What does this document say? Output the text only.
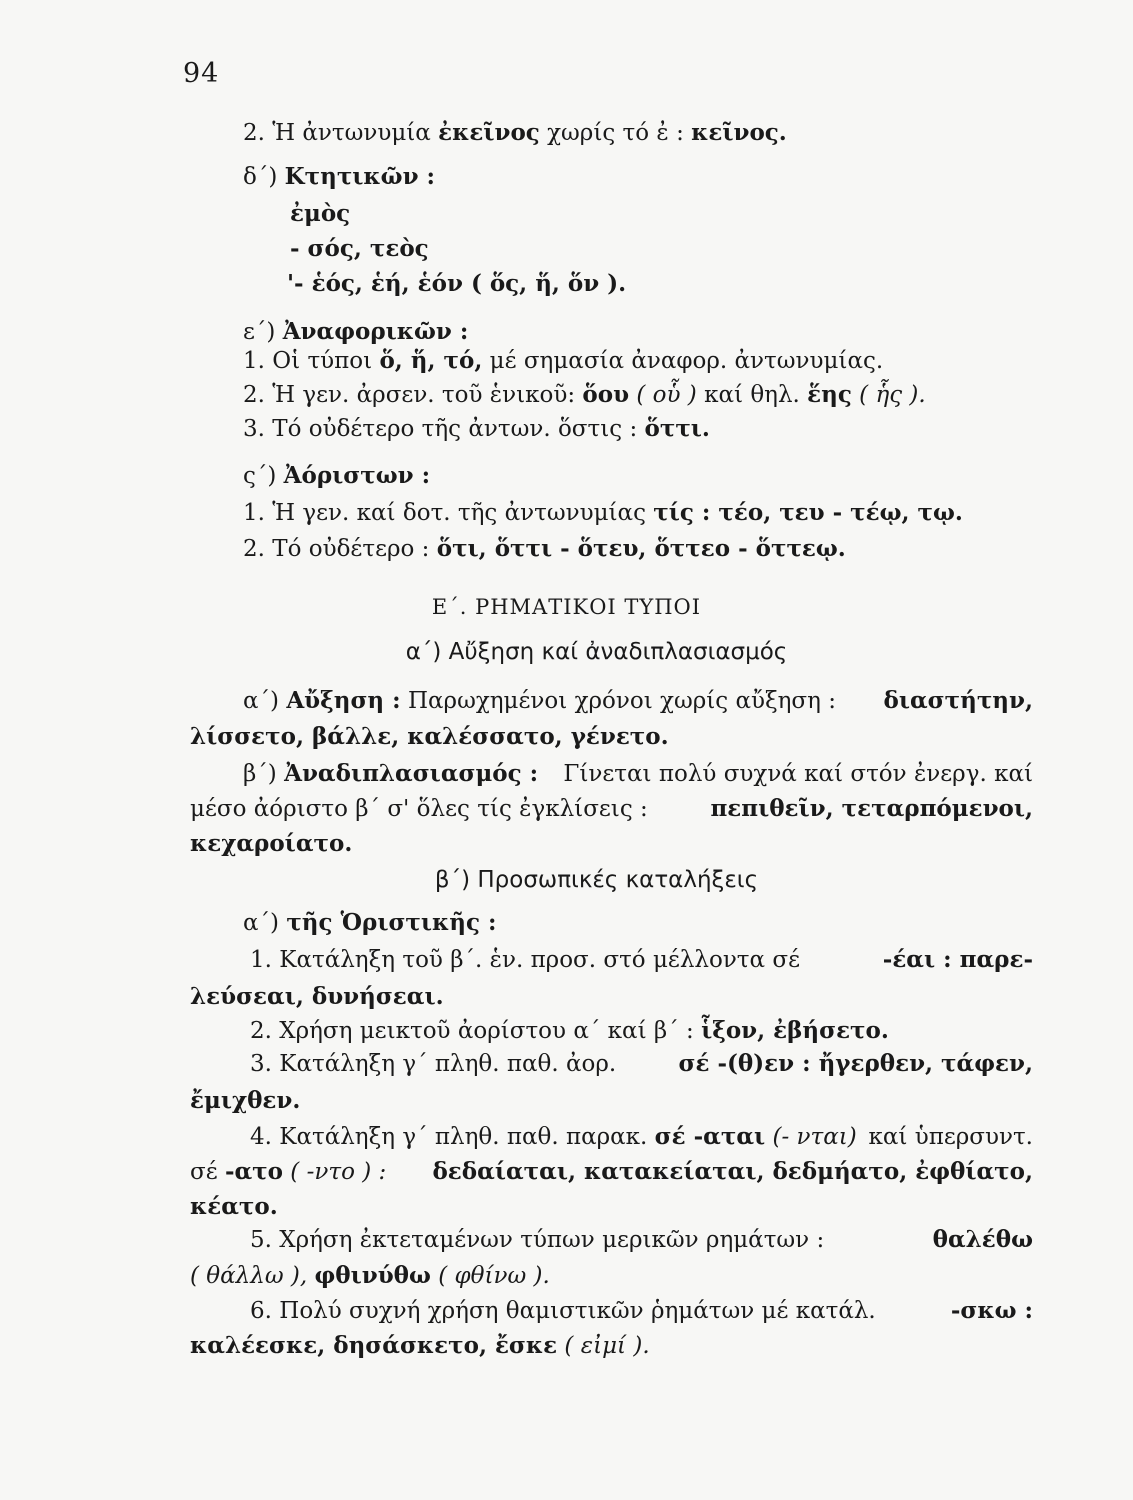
94
2. Ἡ ἀντωνυμία ἐκεῖνος χωρίς τό ἐ : κεῖνος.
δ΄) Κτητικῶν :
ἐμὸς
- σός, τεὸς
'- ἑός, ἑή, ἑόν ( ὅς, ἥ, ὅν ).
ε΄) Ἀναφορικῶν :
1. Οἱ τύποι ὅ, ἥ, τό, μέ σημασία ἀναφορ. ἀντωνυμίας.
2. Ἡ γεν. ἀρσεν. τοῦ ἑνικοῦ: ὅου ( οὗ ) καί θηλ. ἕης ( ἧς ).
3. Τό οὐδέτερο τῆς ἀντων. ὅστις : ὅττι.
ς΄) Ἀόριστων :
1. Ἡ γεν. καί δοτ. τῆς ἀντωνυμίας τίς : τέο, τευ - τέῳ, τῳ.
2. Τό οὐδέτερο : ὅτι, ὅττι - ὅτευ, ὅττεο - ὅττεῳ.
Ε΄. ΡΗΜΑΤΙΚΟΙ ΤΥΠΟΙ
α΄) Αὔξηση καί ἀναδιπλασιασμός
α΄) Αὔξηση : Παρωχημένοι χρόνοι χωρίς αὔξηση : διαστήτην,
λίσσετο, βάλλε, καλέσσατο, γένετο.
β΄) Ἀναδιπλασιασμός : Γίνεται πολύ συχνά καί στόν ἐνεργ. καί
μέσο ἀόριστο β΄ σ' ὅλες τίς ἐγκλίσεις :	πεπιθεῖν, τεταρπόμενοι,
κεχαροίατο.
β΄) Προσωπικές καταλήξεις
α΄) τῆς Ὁριστικῆς :
1. Κατάληξη τοῦ β΄. ἑν. προσ. στό μέλλοντα σέ	-έαι : παρε-
λεύσεαι, δυνήσεαι.
2. Χρήση μεικτοῦ ἀορίστου α΄ καί β΄ : ἷξον, ἐβήσετο.
3. Κατάληξη γ΄ πληθ. παθ. ἀορ.	σέ -(θ)εν : ἤγερθεν, τάφεν,
ἔμιχθεν.
4. Κατάληξη γ΄ πληθ. παθ. παρακ. σέ -αται (- νται) καί ὑπερσυντ.
σέ -ατο ( -ντο ) : δεδαίαται, κατακείαται, δεδμήατο, ἐφθίατο,
κέατο.
5. Χρήση ἐκτεταμένων τύπων μερικῶν ρημάτων :	θαλέθω
( θάλλω ), φθινύθω ( φθίνω ).
6. Πολύ συχνή χρήση θαμιστικῶν ῥημάτων μέ κατάλ.	-σκω :
καλέεσκε, δησάσκετο, ἔσκε ( εἰμί ).
